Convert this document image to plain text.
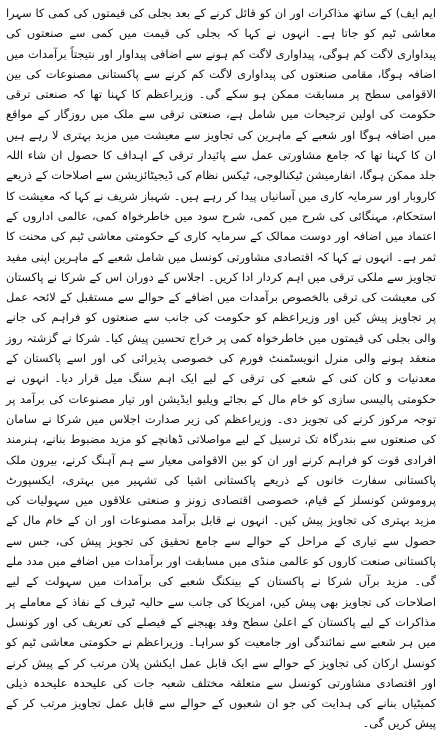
ایم ایف) کے ساتھ مذاکرات اور ان کو قائل کرنے کے بعد بجلی کی قیمتوں کی کمی کا سہرا معاشی ٹیم کو جاتا ہے۔ انہوں نے کہا کہ بجلی کی قیمت میں کمی سے صنعتوں کی پیداواری لاگت کم ہوگی، پیداواری لاگت کم ہونے سے اضافی پیداوار اور نتیجتاً برآمدات میں اضافہ ہوگا، مقامی صنعتوں کی پیداواری لاگت کم کرنے سے پاکستانی مصنوعات کی بین الاقوامی سطح پر مسابقت ممکن ہو سکے گی۔ وزیراعظم کا کہنا تھا کہ صنعتی ترقی حکومت کی اولین ترجیحات میں شامل ہے، صنعتی ترقی سے ملک میں روزگار کے مواقع میں اضافہ ہوگا اور شعبے کے ماہرین کی تجاویز سے معیشت میں مزید بہتری لا رہے ہیں ان کا کہنا تھا کہ جامع مشاورتی عمل سے پائیدار ترقی کے اہداف کا حصول ان شاء اللہ جلد ممکن ہوگا، انفارمیشن ٹیکنالوجی، ٹیکس نظام کی ڈیجیٹائزیشن سے اصلاحات کے ذریعے کاروبار اور سرمایہ کاری میں آسانیاں پیدا کر رہے ہیں۔ شہباز شریف نے کہا کہ معیشت کا استحکام، مہنگائی کی شرح میں کمی، شرح سود میں خاطرخواہ کمی، عالمی اداروں کے اعتماد میں اضافہ اور دوست ممالک کے سرمایہ کاری کے حکومتی معاشی ٹیم کی محنت کا ثمر ہے۔ انہوں نے کہا کہ اقتصادی مشاورتی کونسل میں شامل شعبے کے ماہرین اپنی مفید تجاویز سے ملکی ترقی میں اہم کردار ادا کریں۔ اجلاس کے دوران اس کے شرکا نے پاکستان کی معیشت کی ترقی بالخصوص برآمدات میں اضافے کے حوالے سے مستقبل کے لائحہ عمل پر تجاویز پیش کیں اور وزیراعظم کو حکومت کی جانب سے صنعتوں کو فراہم کی جانے والی بجلی کی قیمتوں میں خاطرخواہ کمی پر خراج تحسین پیش کیا۔ شرکا نے گزشتہ روز منعقد ہونے والی منرل انویسٹمنٹ فورم کی خصوصی پذیرائی کی اور اسے پاکستان کے معدنیات و کان کنی کے شعبے کی ترقی کے لیے ایک اہم سنگ میل قرار دیا۔ انہوں نے حکومتی پالیسی سازی کو خام مال کے بجائے ویلیو ایڈیشن اور تیار مصنوعات کی برآمد پر توجہ مرکوز کرنے کی تجویز دی۔ وزیراعظم کی زیر صدارت اجلاس میں شرکا نے سامان کی صنعتوں سے بندرگاہ تک ترسیل کے لیے مواصلاتی ڈھانچے کو مزید مضبوط بنانے، ہنرمند افرادی قوت کو فراہم کرنے اور ان کو بین الاقوامی معیار سے ہم آہنگ کرنے، بیرون ملک پاکستانی سفارت خانوں کے ذریعے پاکستانی اشیا کی تشہیر میں بہتری، ایکسپورٹ پروموشن کونسلز کے قیام، خصوصی اقتصادی زونز و صنعتی علاقوں میں سہولیات کی مزید بہتری کی تجاویز پیش کیں۔ انہوں نے قابل برآمد مصنوعات اور ان کے خام مال کے حصول سے تیاری کے مراحل کے حوالے سے جامع تحقیق کی تجویز پیش کی، جس سے پاکستانی صنعت کاروں کو عالمی منڈی میں مسابقت اور برآمدات میں اضافے میں مدد ملے گی۔ مزید برآں شرکا نے پاکستان کے بینکنگ شعبے کی برآمدات میں سہولت کے لیے اصلاحات کی تجاویز بھی پیش کیں، امریکا کی جانب سے حالیہ ٹیرف کے نفاذ کے معاملے پر مذاکرات کے لیے پاکستان کے اعلیٰ سطح وفد بھیجنے کے فیصلے کی تعریف کی اور کونسل میں ہر شعبے سے نمائندگی اور جامعیت کو سراہا۔ وزیراعظم نے حکومتی معاشی ٹیم کو کونسل ارکان کی تجاویز کے حوالے سے ایک قابل عمل ایکشن پلان مرتب کر کے پیش کرنے اور اقتصادی مشاورتی کونسل سے متعلقہ مختلف شعبہ جات کی علیحدہ علیحدہ ذیلی کمیٹیاں بنانے کی ہدایت کی جو ان شعبوں کے حوالے سے قابل عمل تجاویز مرتب کر کے پیش کریں گی۔
